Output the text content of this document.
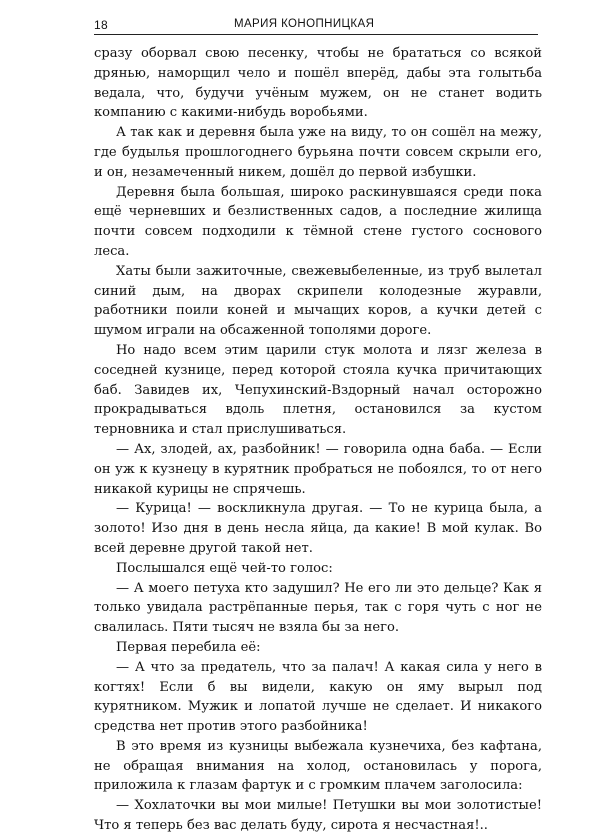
18	МАРИЯ КОНОПНИЦКАЯ

сразу оборвал свою песенку, чтобы не брататься со всякой дрянью, наморщил чело и пошёл вперёд, дабы эта голытьба ведала, что, будучи учёным мужем, он не станет водить компанию с какими-нибудь воробьями.

А так как и деревня была уже на виду, то он сошёл на межу, где будылья прошлогоднего бурьяна почти совсем скрыли его, и он, незамеченный никем, дошёл до первой избушки.

Деревня была большая, широко раскинувшаяся среди пока ещё черневших и безлиственных садов, а последние жилища почти совсем подходили к тёмной стене густого соснового леса.

Хаты были зажиточные, свежевыбеленные, из труб вылетал синий дым, на дворах скрипели колодезные журавли, работники поили коней и мычащих коров, а кучки детей с шумом играли на обсаженной тополями дороге.

Но надо всем этим царили стук молота и лязг железа в соседней кузнице, перед которой стояла кучка причитающих баб. Завидев их, Чепухинский-Вздорный начал осторожно прокрадываться вдоль плетня, остановился за кустом терновника и стал прислушиваться.

— Ах, злодей, ах, разбойник! — говорила одна баба. — Если он уж к кузнецу в курятник пробраться не побоялся, то от него никакой курицы не спрячешь.

— Курица! — воскликнула другая. — То не курица была, а золото! Изо дня в день несла яйца, да какие! В мой кулак. Во всей деревне другой такой нет.

Послышался ещё чей-то голос:

— А моего петуха кто задушил? Не его ли это дельце? Как я только увидала растрёпанные перья, так с горя чуть с ног не свалилась. Пяти тысяч не взяла бы за него.

Первая перебила её:

— А что за предатель, что за палач! А какая сила у него в когтях! Если б вы видели, какую он яму вырыл под курятником. Мужик и лопатой лучше не сделает. И никакого средства нет против этого разбойника!

В это время из кузницы выбежала кузнечиха, без кафтана, не обращая внимания на холод, остановилась у порога, приложила к глазам фартук и с громким плачем заголосила:

— Хохлаточки вы мои милые! Петушки вы мои золотистые! Что я теперь без вас делать буду, сирота я несчастная!..
